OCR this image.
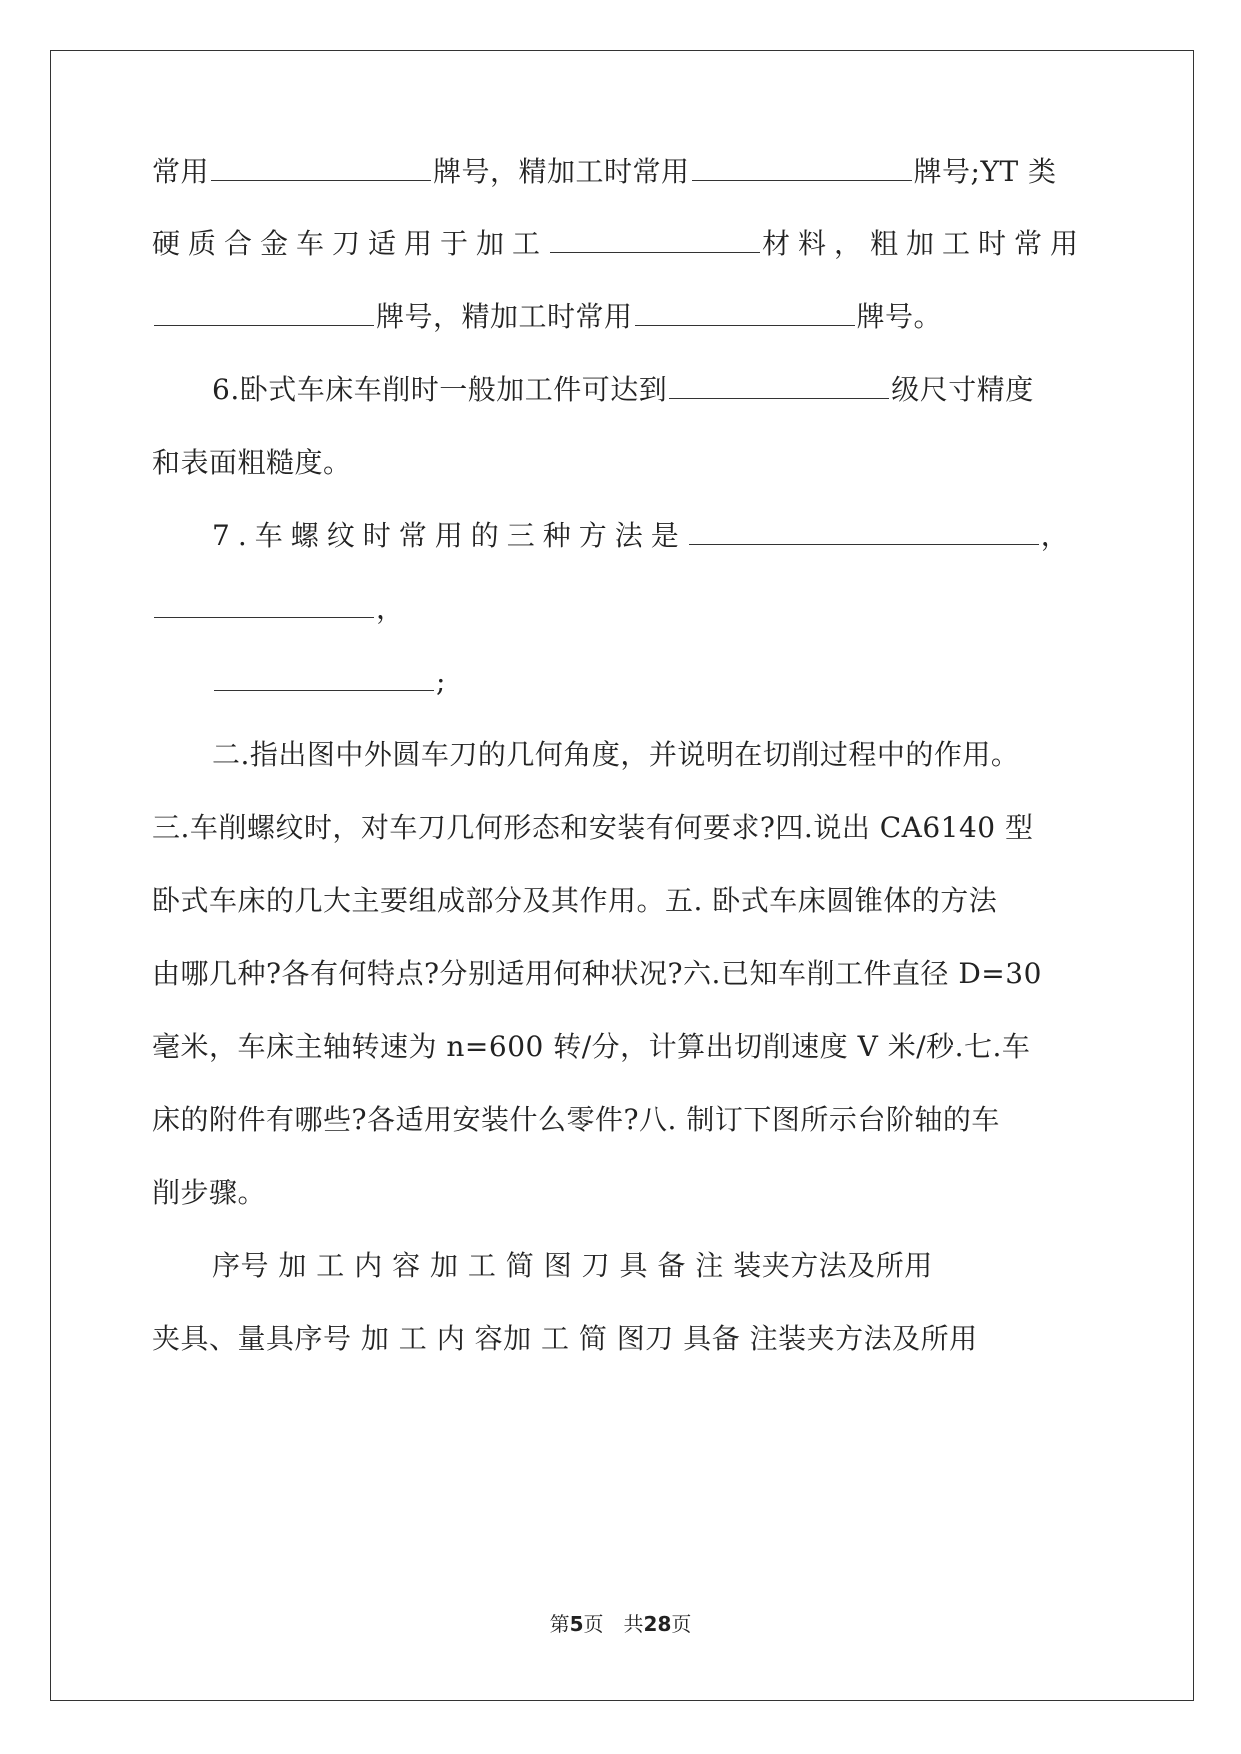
常用	牌号，精加工时常用	牌号;YT 类
硬质合金车刀适用于加工	材料，粗加工时常用
牌号，精加工时常用	牌号。
6.卧式车床车削时一般加工件可达到	级尺寸精度
和表面粗糙度。
7.车螺纹时常用的三种方法是	，
，
;
二.指出图中外圆车刀的几何角度，并说明在切削过程中的作用。
三.车削螺纹时，对车刀几何形态和安装有何要求?四.说出 CA6140 型
卧式车床的几大主要组成部分及其作用。五. 卧式车床圆锥体的方法
由哪几种?各有何特点?分别适用何种状况?六.已知车削工件直径 D=30
毫米，车床主轴转速为 n=600 转/分，计算出切削速度 V 米/秒.七.车
床的附件有哪些?各适用安装什么零件?八. 制订下图所示台阶轴的车
削步骤。
序号 加 工 内 容 加 工 简 图 刀 具 备 注 装夹方法及所用
夹具、量具序号 加 工 内 容加 工 简 图刀 具备 注装夹方法及所用
第5页　共28页
